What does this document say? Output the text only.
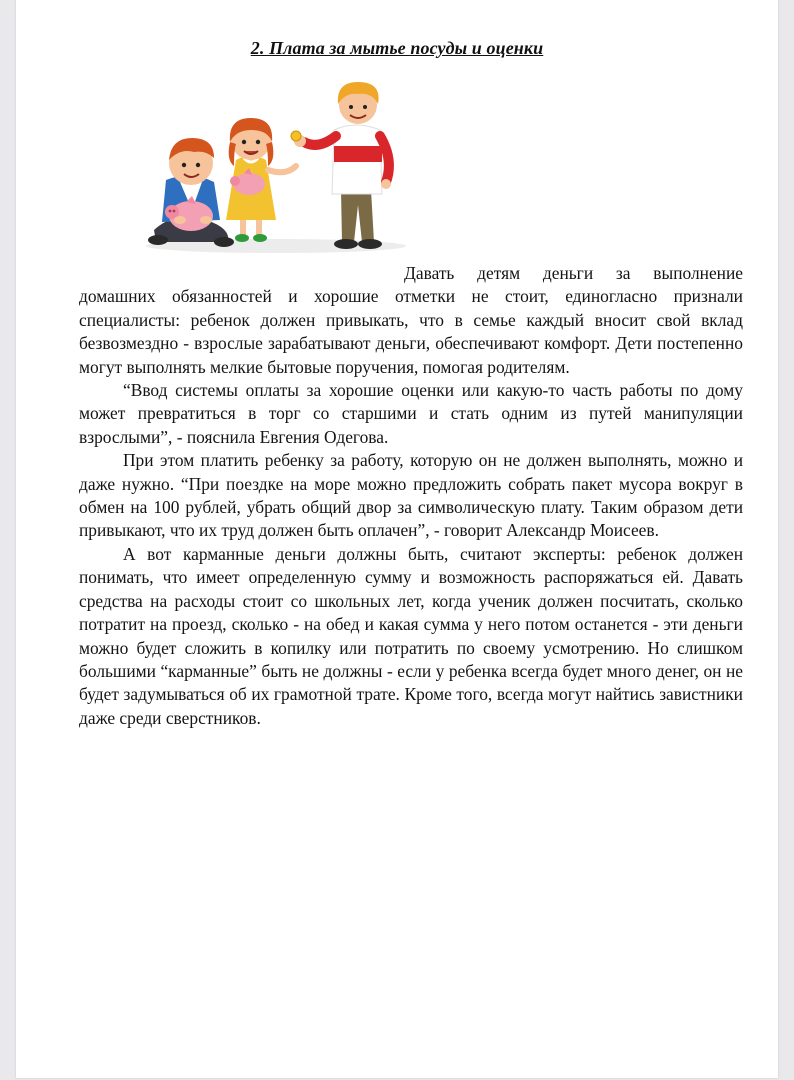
2. Плата за мытье посуды и оценки

Давать детям деньги за выполнение домашних обязанностей и хорошие отметки не стоит, единогласно признали специалисты: ребенок должен привыкать, что в семье каждый вносит свой вклад безвозмездно - взрослые зарабатывают деньги, обеспечивают комфорт. Дети постепенно могут выполнять мелкие бытовые поручения, помогая родителям.

“Ввод системы оплаты за хорошие оценки или какую-то часть работы по дому может превратиться в торг со старшими и стать одним из путей манипуляции взрослыми”, - пояснила Евгения Одегова.

При этом платить ребенку за работу, которую он не должен выполнять, можно и даже нужно. “При поездке на море можно предложить собрать пакет мусора вокруг в обмен на 100 рублей, убрать общий двор за символическую плату. Таким образом дети привыкают, что их труд должен быть оплачен”, - говорит Александр Моисеев.

А вот карманные деньги должны быть, считают эксперты: ребенок должен понимать, что имеет определенную сумму и возможность распоряжаться ей. Давать средства на расходы стоит со школьных лет, когда ученик должен посчитать, сколько потратит на проезд, сколько - на обед и какая сумма у него потом останется - эти деньги можно будет сложить в копилку или потратить по своему усмотрению. Но слишком большими “карманные” быть не должны - если у ребенка всегда будет много денег, он не будет задумываться об их грамотной трате. Кроме того, всегда могут найтись завистники даже среди сверстников.
